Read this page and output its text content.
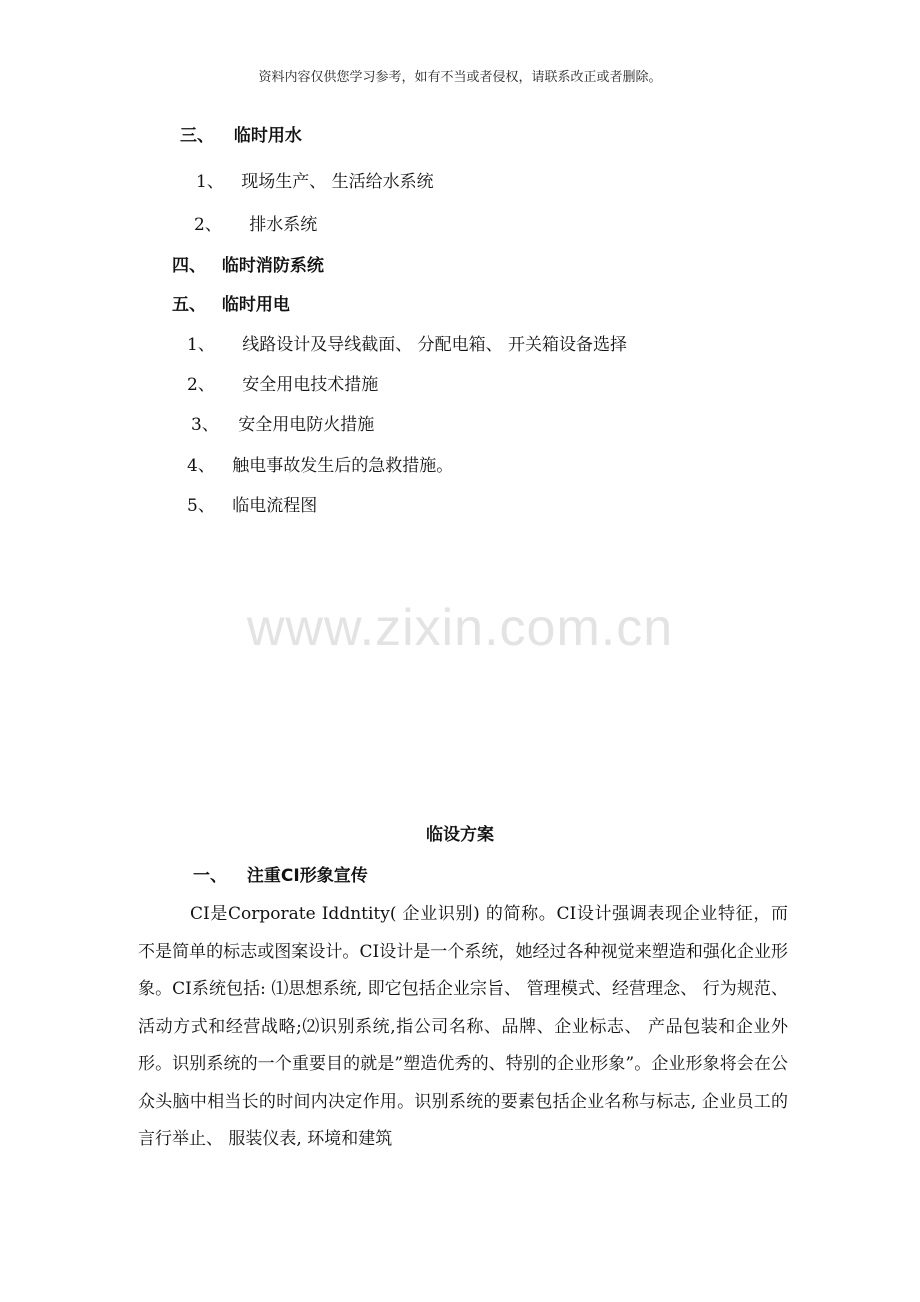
资料内容仅供您学习参考，如有不当或者侵权，请联系改正或者删除。
三、 临时用水
1、 现场生产、 生活给水系统
2、 排水系统
四、 临时消防系统
五、 临时用电
1、 线路设计及导线截面、 分配电箱、 开关箱设备选择
2、 安全用电技术措施
3、 安全用电防火措施
4、 触电事故发生后的急救措施。
5、 临电流程图
www.zixin.com.cn
临设方案
一、 注重CI形象宣传

CI是Corporate Iddntity( 企业识别) 的简称。CI设计强调表现企业特征，而不是简单的标志或图案设计。CI设计是一个系统，她经过各种视觉来塑造和强化企业形象。CI系统包括: ⑴思想系统, 即它包括企业宗旨、 管理模式、经营理念、 行为规范、 活动方式和经营战略;⑵识别系统,指公司名称、品牌、企业标志、 产品包装和企业外形。识别系统的一个重要目的就是”塑造优秀的、特别的企业形象”。企业形象将会在公众头脑中相当长的时间内决定作用。识别系统的要素包括企业名称与标志, 企业员工的言行举止、 服装仪表, 环境和建筑
